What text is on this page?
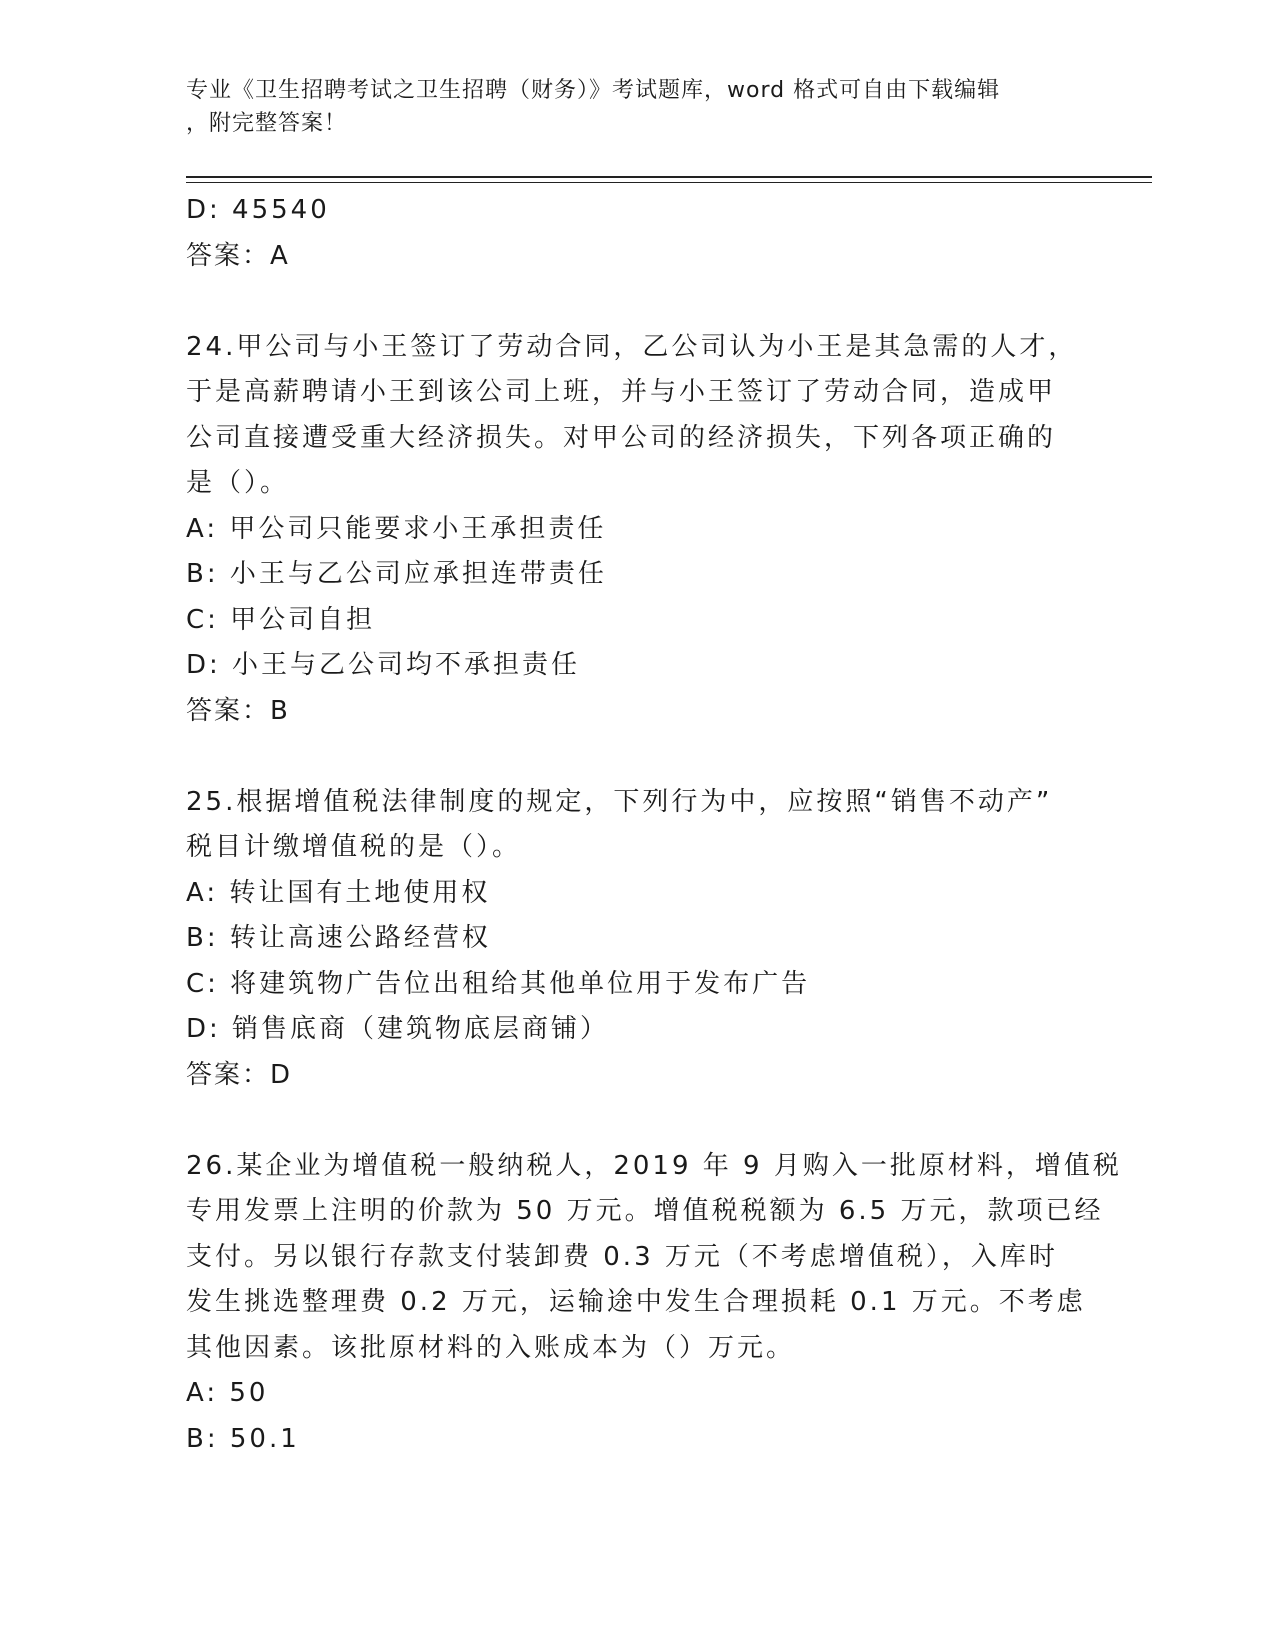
专业《卫生招聘考试之卫生招聘（财务）》考试题库，word 格式可自由下载编辑
，附完整答案！
D: 45540
答案：A
24.甲公司与小王签订了劳动合同，乙公司认为小王是其急需的人才，
于是高薪聘请小王到该公司上班，并与小王签订了劳动合同，造成甲
公司直接遭受重大经济损失。对甲公司的经济损失，下列各项正确的
是（）。
A: 甲公司只能要求小王承担责任
B: 小王与乙公司应承担连带责任
C: 甲公司自担
D: 小王与乙公司均不承担责任
答案：B
25.根据增值税法律制度的规定，下列行为中，应按照“销售不动产”
税目计缴增值税的是（）。
A: 转让国有土地使用权
B: 转让高速公路经营权
C: 将建筑物广告位出租给其他单位用于发布广告
D: 销售底商（建筑物底层商铺）
答案：D
26.某企业为增值税一般纳税人，2019 年 9 月购入一批原材料，增值税
专用发票上注明的价款为 50 万元。增值税税额为 6.5 万元，款项已经
支付。另以银行存款支付装卸费 0.3 万元（不考虑增值税），入库时
发生挑选整理费 0.2 万元，运输途中发生合理损耗 0.1 万元。不考虑
其他因素。该批原材料的入账成本为（）万元。
A: 50
B: 50.1
